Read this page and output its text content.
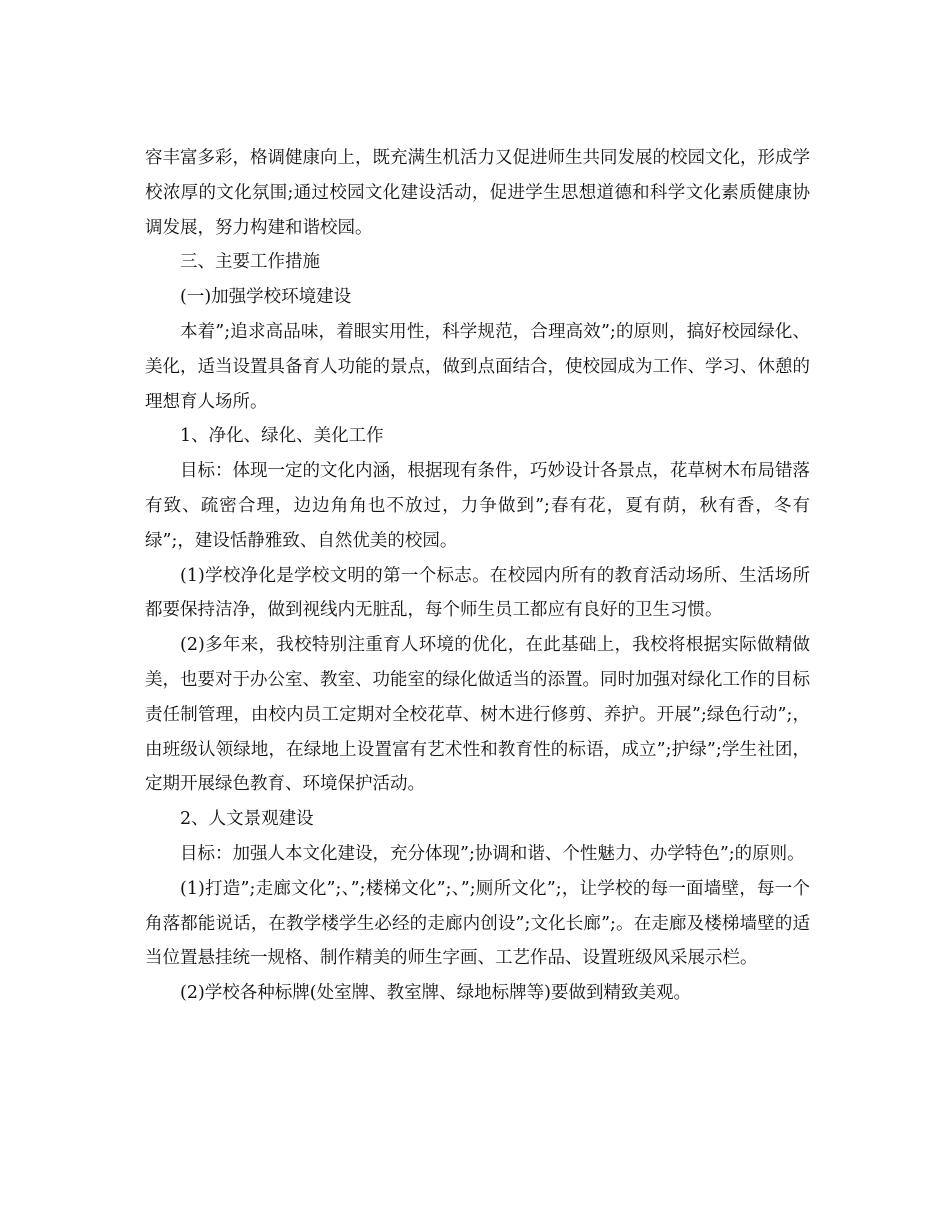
容丰富多彩，格调健康向上，既充满生机活力又促进师生共同发展的校园文化，形成学校浓厚的文化氛围;通过校园文化建设活动，促进学生思想道德和科学文化素质健康协调发展，努力构建和谐校园。

三、主要工作措施

(一)加强学校环境建设

本着”;追求高品味，着眼实用性，科学规范，合理高效”;的原则，搞好校园绿化、美化，适当设置具备育人功能的景点，做到点面结合，使校园成为工作、学习、休憩的理想育人场所。

1、净化、绿化、美化工作

目标：体现一定的文化内涵，根据现有条件，巧妙设计各景点，花草树木布局错落有致、疏密合理，边边角角也不放过，力争做到”;春有花，夏有荫，秋有香，冬有绿”;，建设恬静雅致、自然优美的校园。

(1)学校净化是学校文明的第一个标志。在校园内所有的教育活动场所、生活场所都要保持洁净，做到视线内无脏乱，每个师生员工都应有良好的卫生习惯。

(2)多年来，我校特别注重育人环境的优化，在此基础上，我校将根据实际做精做美，也要对于办公室、教室、功能室的绿化做适当的添置。同时加强对绿化工作的目标责任制管理，由校内员工定期对全校花草、树木进行修剪、养护。开展”;绿色行动”;，由班级认领绿地，在绿地上设置富有艺术性和教育性的标语，成立”;护绿”;学生社团，定期开展绿色教育、环境保护活动。

2、人文景观建设

目标：加强人本文化建设，充分体现”;协调和谐、个性魅力、办学特色”;的原则。

(1)打造”;走廊文化”;、”;楼梯文化”;、”;厕所文化”;，让学校的每一面墙壁，每一个角落都能说话，在教学楼学生必经的走廊内创设”;文化长廊”;。在走廊及楼梯墙壁的适当位置悬挂统一规格、制作精美的师生字画、工艺作品、设置班级风采展示栏。

(2)学校各种标牌(处室牌、教室牌、绿地标牌等)要做到精致美观。
